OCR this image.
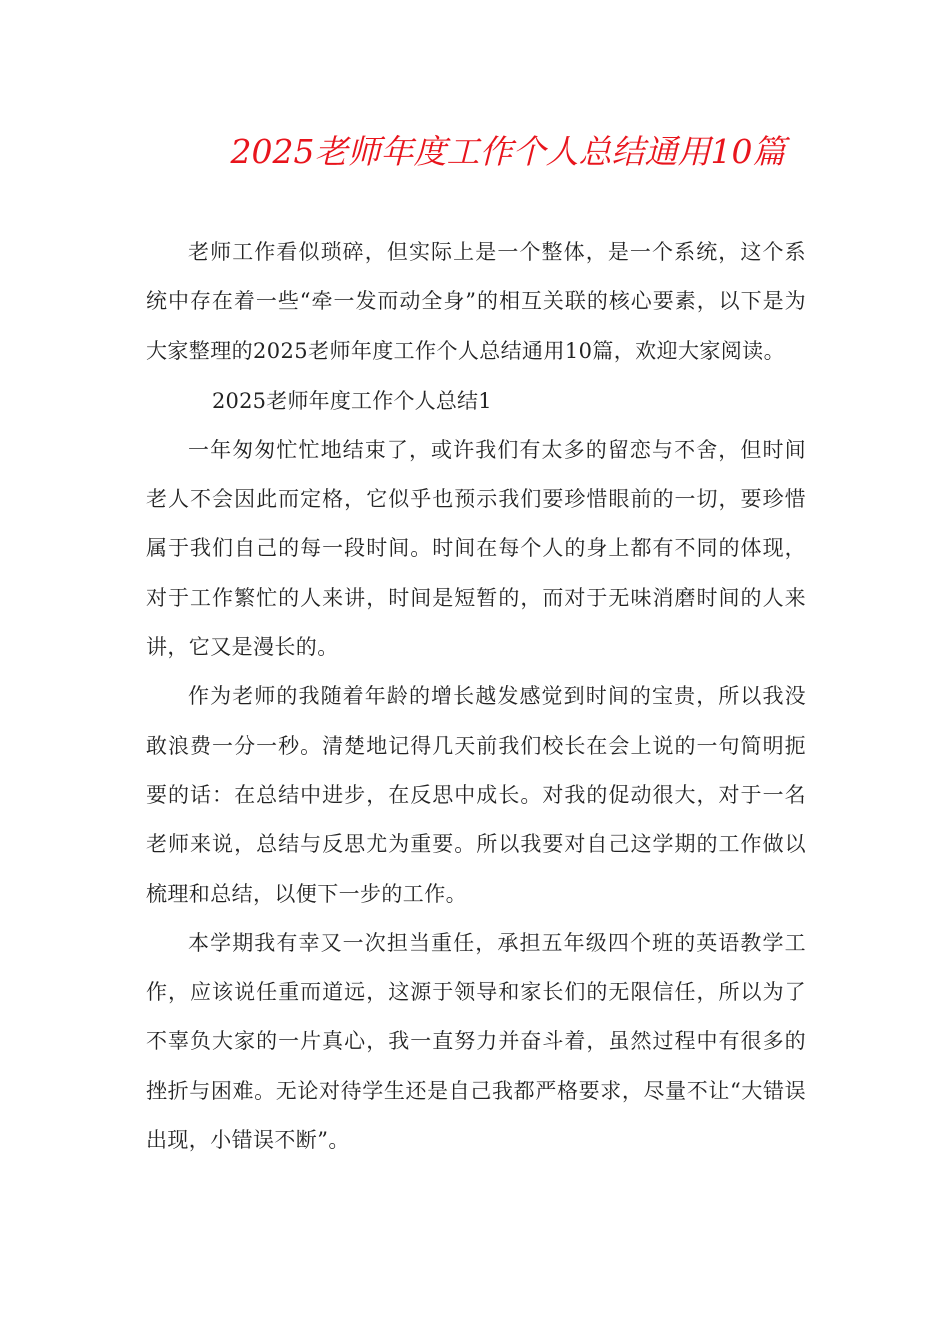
2025老师年度工作个人总结通用10篇

老师工作看似琐碎，但实际上是一个整体，是一个系统，这个系统中存在着一些“牵一发而动全身”的相互关联的核心要素，以下是为大家整理的2025老师年度工作个人总结通用10篇，欢迎大家阅读。

2025老师年度工作个人总结1

一年匆匆忙忙地结束了，或许我们有太多的留恋与不舍，但时间老人不会因此而定格，它似乎也预示我们要珍惜眼前的一切，要珍惜属于我们自己的每一段时间。时间在每个人的身上都有不同的体现，对于工作繁忙的人来讲，时间是短暂的，而对于无味消磨时间的人来讲，它又是漫长的。

作为老师的我随着年龄的增长越发感觉到时间的宝贵，所以我没敢浪费一分一秒。清楚地记得几天前我们校长在会上说的一句简明扼要的话：在总结中进步，在反思中成长。对我的促动很大，对于一名老师来说，总结与反思尤为重要。所以我要对自己这学期的工作做以梳理和总结，以便下一步的工作。

本学期我有幸又一次担当重任，承担五年级四个班的英语教学工作，应该说任重而道远，这源于领导和家长们的无限信任，所以为了不辜负大家的一片真心，我一直努力并奋斗着，虽然过程中有很多的挫折与困难。无论对待学生还是自己我都严格要求，尽量不让“大错误出现，小错误不断”。
